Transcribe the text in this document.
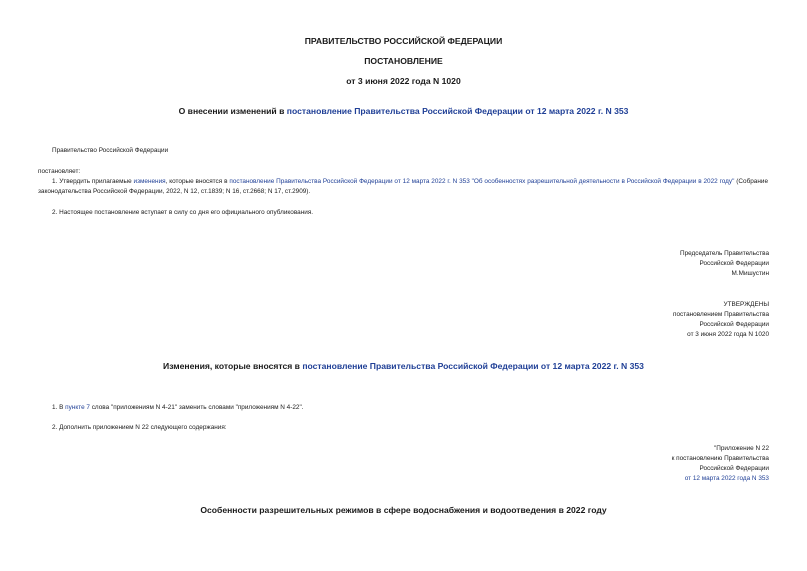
ПРАВИТЕЛЬСТВО РОССИЙСКОЙ ФЕДЕРАЦИИ
ПОСТАНОВЛЕНИЕ
от 3 июня 2022 года N 1020
О внесении изменений в постановление Правительства Российской Федерации от 12 марта 2022 г. N 353
Правительство Российской Федерации
постановляет:
1. Утвердить прилагаемые изменения, которые вносятся в постановление Правительства Российской Федерации от 12 марта 2022 г. N 353 "Об особенностях разрешительной деятельности в Российской Федерации в 2022 году" (Собрание законодательства Российской Федерации, 2022, N 12, ст.1839; N 16, ст.2668; N 17, ст.2909).
2. Настоящее постановление вступает в силу со дня его официального опубликования.
Председатель Правительства
Российской Федерации
М.Мишустин
УТВЕРЖДЕНЫ
постановлением Правительства
Российской Федерации
от 3 июня 2022 года N 1020
Изменения, которые вносятся в постановление Правительства Российской Федерации от 12 марта 2022 г. N 353
1. В пункте 7 слова "приложениям N 4-21" заменить словами "приложениям N 4-22".
2. Дополнить приложением N 22 следующего содержания:
"Приложение N 22
к постановлению Правительства
Российской Федерации
от 12 марта 2022 года N 353
Особенности разрешительных режимов в сфере водоснабжения и водоотведения в 2022 году
